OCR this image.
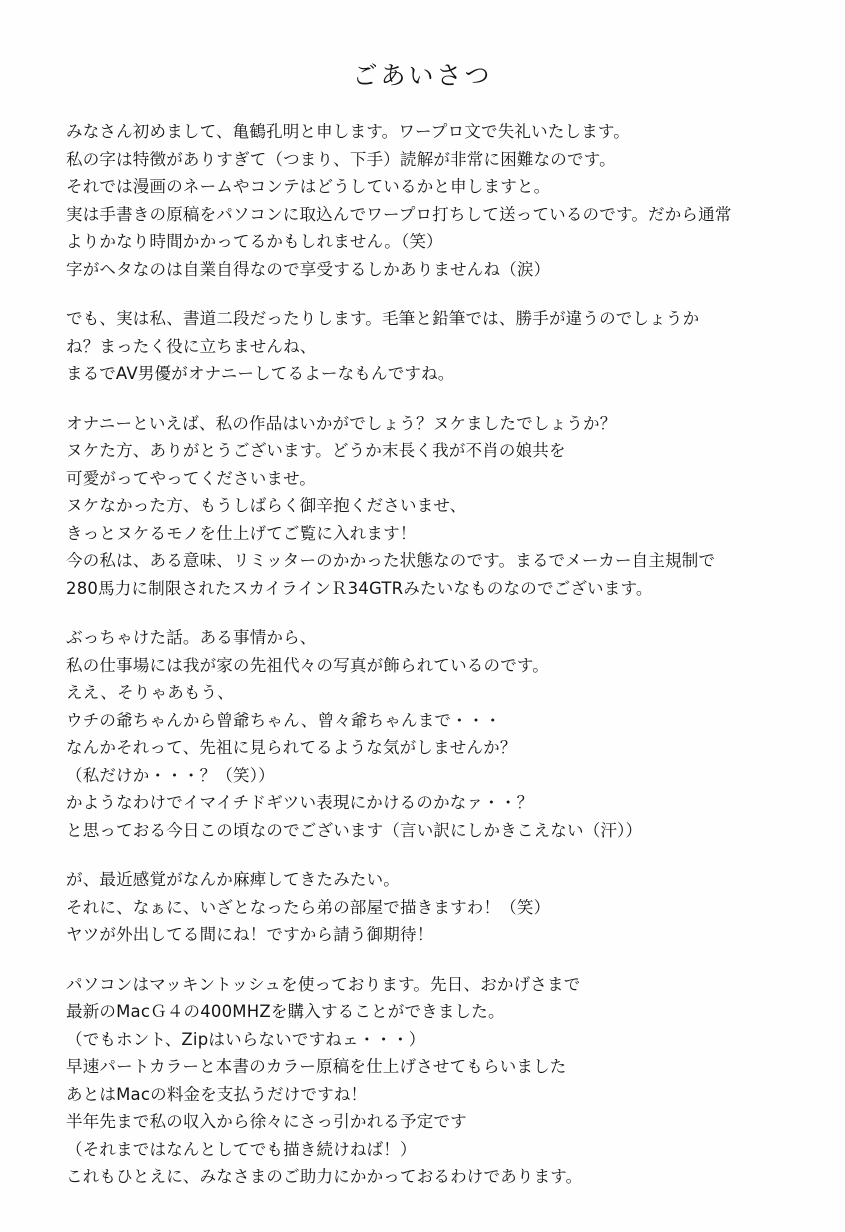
ごあいさつ
みなさん初めまして、亀鶴孔明と申します。ワープロ文で失礼いたします。
私の字は特徴がありすぎて（つまり、下手）読解が非常に困難なのです。
それでは漫画のネームやコンテはどうしているかと申しますと。
実は手書きの原稿をパソコンに取込んでワープロ打ちして送っているのです。だから通常
よりかなり時間かかってるかもしれません。（笑）
字がヘタなのは自業自得なので享受するしかありませんね（涙）
でも、実は私、書道二段だったりします。毛筆と鉛筆では、勝手が違うのでしょうか
ね？まったく役に立ちませんね、
まるでAV男優がオナニーしてるよーなもんですね。
オナニーといえば、私の作品はいかがでしょう？ヌケましたでしょうか？
ヌケた方、ありがとうございます。どうか末長く我が不肖の娘共を
可愛がってやってくださいませ。
ヌケなかった方、もうしばらく御辛抱くださいませ、
きっとヌケるモノを仕上げてご覧に入れます！
今の私は、ある意味、リミッターのかかった状態なのです。まるでメーカー自主規制で
280馬力に制限されたスカイラインＲ34GTRみたいなものなのでございます。
ぶっちゃけた話。ある事情から、
私の仕事場には我が家の先祖代々の写真が飾られているのです。
ええ、そりゃあもう、
ウチの爺ちゃんから曾爺ちゃん、曾々爺ちゃんまで・・・
なんかそれって、先祖に見られてるような気がしませんか？
（私だけか・・・？（笑））
かようなわけでイマイチドギツい表現にかけるのかなァ・・？
と思っておる今日この頃なのでございます（言い訳にしかきこえない（汗））
が、最近感覚がなんか麻痺してきたみたい。
それに、なぁに、いざとなったら弟の部屋で描きますわ！（笑）
ヤツが外出してる間にね！ですから請う御期待！
パソコンはマッキントッシュを使っております。先日、おかげさまで
最新のMacＧ４の400MHZを購入することができました。
（でもホント、Zipはいらないですねェ・・・）
早速パートカラーと本書のカラー原稿を仕上げさせてもらいました
あとはMacの料金を支払うだけですね！
半年先まで私の収入から徐々にさっ引かれる予定です
（それまではなんとしてでも描き続けねば！）
これもひとえに、みなさまのご助力にかかっておるわけであります。
